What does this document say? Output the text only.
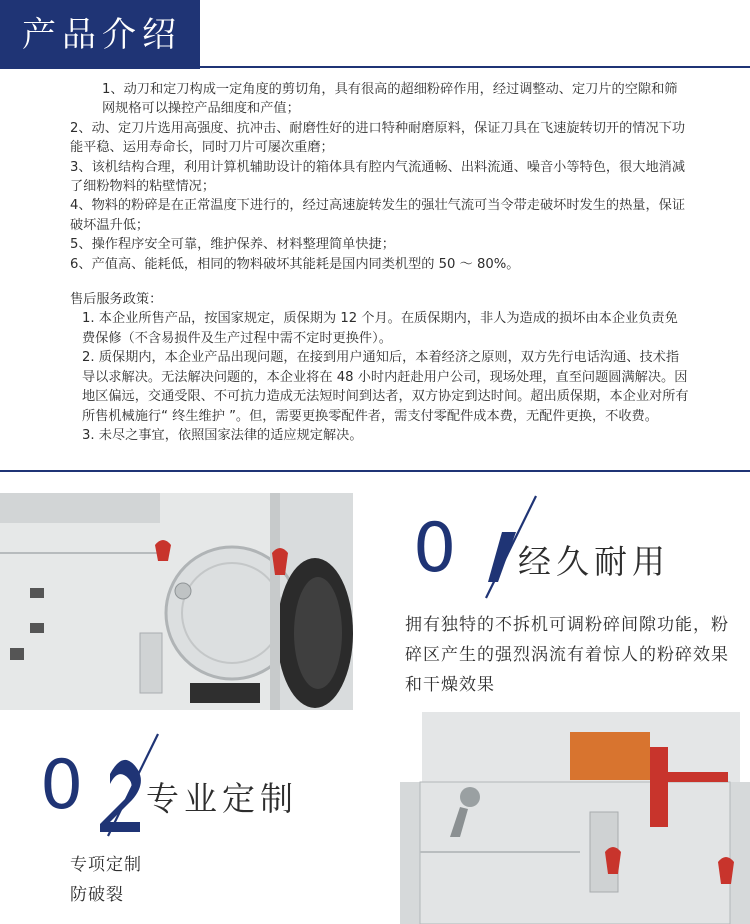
产品介绍

1、动刀和定刀构成一定角度的剪切角，具有很高的超细粉碎作用，经过调整动、定刀片的空隙和筛网规格可以操控产品细度和产值；

2、动、定刀片选用高强度、抗冲击、耐磨性好的进口特种耐磨原料，保证刀具在飞速旋转切开的情况下功能平稳、运用寿命长，同时刀片可屡次重磨；

3、该机结构合理，利用计算机辅助设计的箱体具有腔内气流通畅、出料流通、噪音小等特色，很大地消减了细粉物料的粘壁情况；

4、物料的粉碎是在正常温度下进行的，经过高速旋转发生的强壮气流可当令带走破坏时发生的热量，保证破坏温升低；

5、操作程序安全可靠，维护保养、材料整理简单快捷；

6、产值高、能耗低，相同的物料破坏其能耗是国内同类机型的 50 ～ 80%。

售后服务政策：

1. 本企业所售产品，按国家规定，质保期为 12 个月。在质保期内，非人为造成的损坏由本企业负责免费保修（不含易损件及生产过程中需不定时更换件）。

2. 质保期内，本企业产品出现问题，在接到用户通知后，本着经济之原则，双方先行电话沟通、技术指导以求解决。无法解决问题的，本企业将在 48 小时内赶赴用户公司，现场处理，直至问题圆满解决。因地区偏远，交通受限、不可抗力造成无法短时间到达者，双方协定到达时间。超出质保期，本企业对所有所售机械施行“ 终生维护 ”。但，需要更换零配件者，需支付零配件成本费，无配件更换，不收费。

3. 未尽之事宜，依照国家法律的适应规定解决。

0	经久耐用
拥有独特的不拆机可调粉碎间隙功能，粉碎区产生的强烈涡流有着惊人的粉碎效果和干燥效果
0	专业定制
专项定制
防破裂
